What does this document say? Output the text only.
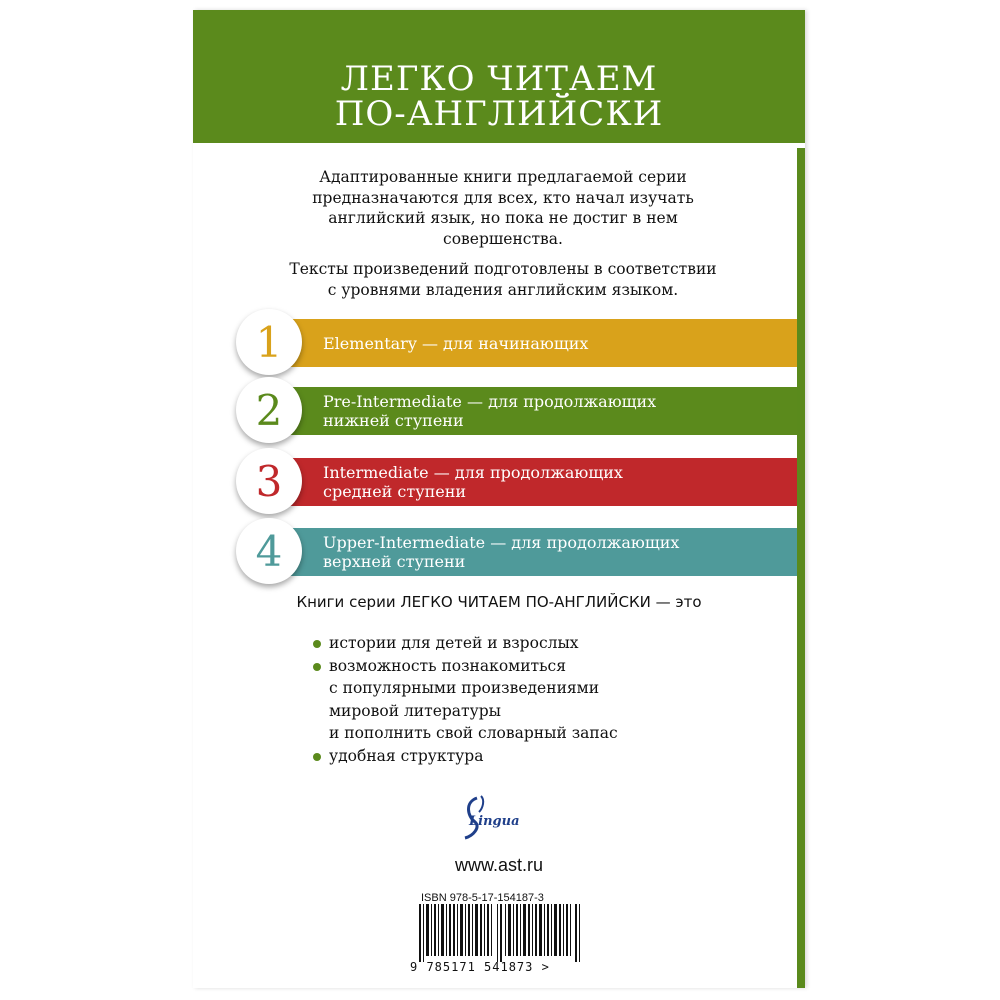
ЛЕГКО ЧИТАЕМ
ПО-АНГЛИЙСКИ

Адаптированные книги предлагаемой серии
предназначаются для всех, кто начал изучать
английский язык, но пока не достиг в нем
совершенства.

Тексты произведений подготовлены в соответствии
с уровнями владения английским языком.

Elementary — для начинающих
1
Pre-Intermediate — для продолжающих
нижней ступени
2
Intermediate — для продолжающих
средней ступени
3
Upper-Intermediate — для продолжающих
верхней ступени
4
Книги серии ЛЕГКО ЧИТАЕМ ПО-АНГЛИЙСКИ — это
истории для детей и взрослых
возможность познакомиться
с популярными произведениями
мировой литературы
и пополнить свой словарный запас
удобная структура
Lingua
www.ast.ru
ISBN 978-5-17-154187-3
9 785171 541873 >
